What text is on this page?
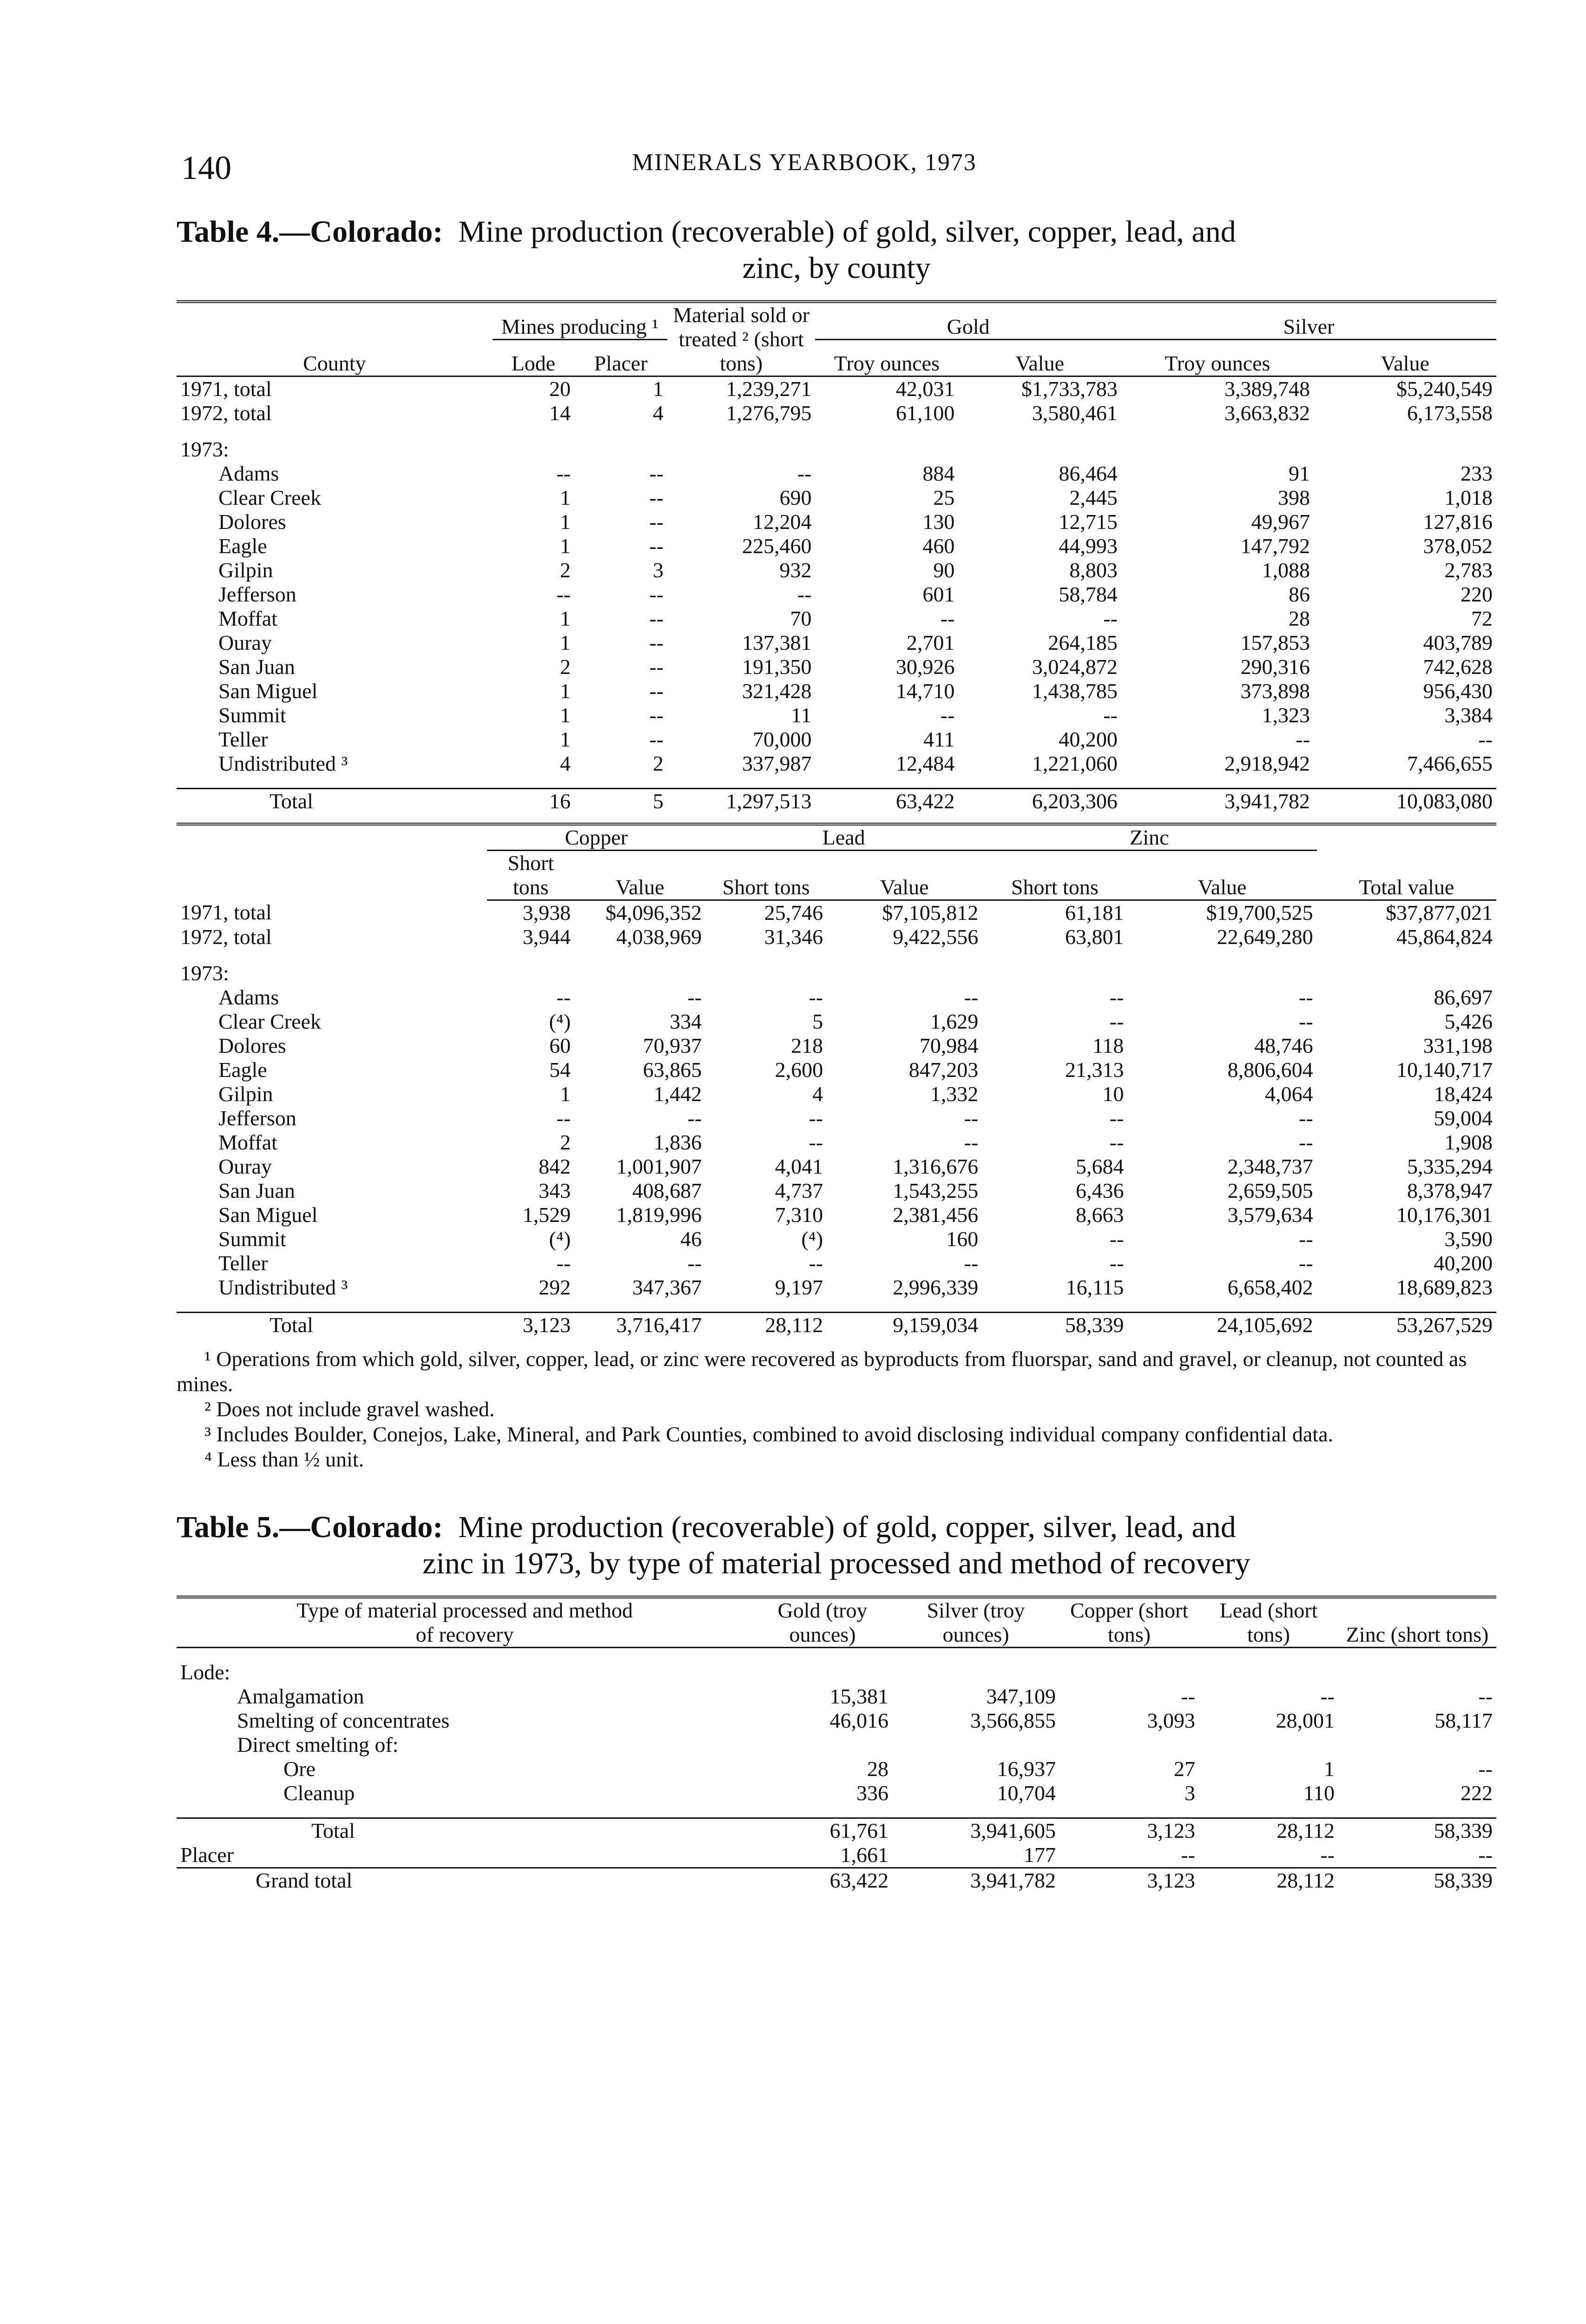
140	MINERALS YEARBOOK, 1973
Table 4.—Colorado: Mine production (recoverable) of gold, silver, copper, lead, and
zinc, by county
County	Mines producing ¹		Material sold or treated ² (short tons)	Gold		Silver	
	Lode	Placer		Troy ounces	Value	Troy ounces	Value
1971, total	20	1	1,239,271	42,031	$1,733,783	3,389,748	$5,240,549
1972, total	14	4	1,276,795	61,100	3,580,461	3,663,832	6,173,558

1973:							
Adams	--	--	--	884	86,464	91	233
Clear Creek	1	--	690	25	2,445	398	1,018
Dolores	1	--	12,204	130	12,715	49,967	127,816
Eagle	1	--	225,460	460	44,993	147,792	378,052
Gilpin	2	3	932	90	8,803	1,088	2,783
Jefferson	--	--	--	601	58,784	86	220
Moffat	1	--	70	--	--	28	72
Ouray	1	--	137,381	2,701	264,185	157,853	403,789
San Juan	2	--	191,350	30,926	3,024,872	290,316	742,628
San Miguel	1	--	321,428	14,710	1,438,785	373,898	956,430
Summit	1	--	11	--	--	1,323	3,384
Teller	1	--	70,000	411	40,200	--	--
Undistributed ³	4	2	337,987	12,484	1,221,060	2,918,942	7,466,655

Total	16	5	1,297,513	63,422	6,203,306	3,941,782	10,083,080
	Copper		Lead		Zinc		Total value
	Short tons	Value	Short tons	Value	Short tons	Value	
1971, total	3,938	$4,096,352	25,746	$7,105,812	61,181	$19,700,525	$37,877,021
1972, total	3,944	4,038,969	31,346	9,422,556	63,801	22,649,280	45,864,824

1973:							
Adams	--	--	--	--	--	--	86,697
Clear Creek	(⁴)	334	5	1,629	--	--	5,426
Dolores	60	70,937	218	70,984	118	48,746	331,198
Eagle	54	63,865	2,600	847,203	21,313	8,806,604	10,140,717
Gilpin	1	1,442	4	1,332	10	4,064	18,424
Jefferson	--	--	--	--	--	--	59,004
Moffat	2	1,836	--	--	--	--	1,908
Ouray	842	1,001,907	4,041	1,316,676	5,684	2,348,737	5,335,294
San Juan	343	408,687	4,737	1,543,255	6,436	2,659,505	8,378,947
San Miguel	1,529	1,819,996	7,310	2,381,456	8,663	3,579,634	10,176,301
Summit	(⁴)	46	(⁴)	160	--	--	3,590
Teller	--	--	--	--	--	--	40,200
Undistributed ³	292	347,367	9,197	2,996,339	16,115	6,658,402	18,689,823

Total	3,123	3,716,417	28,112	9,159,034	58,339	24,105,692	53,267,529

¹ Operations from which gold, silver, copper, lead, or zinc were recovered as byproducts from fluorspar, sand and gravel, or cleanup, not counted as mines.

² Does not include gravel washed.

³ Includes Boulder, Conejos, Lake, Mineral, and Park Counties, combined to avoid disclosing individual company confidential data.

⁴ Less than ½ unit.

Table 5.—Colorado: Mine production (recoverable) of gold, copper, silver, lead, and
zinc in 1973, by type of material processed and method of recovery
Type of material processed and method of recovery	Gold (troy ounces)	Silver (troy ounces)	Copper (short tons)	Lead (short tons)	Zinc (short tons)

Lode:					
Amalgamation	15,381	347,109	--	--	--
Smelting of concentrates	46,016	3,566,855	3,093	28,001	58,117
Direct smelting of:					
Ore	28	16,937	27	1	--
Cleanup	336	10,704	3	110	222

Total	61,761	3,941,605	3,123	28,112	58,339
Placer	1,661	177	--	--	--
Grand total	63,422	3,941,782	3,123	28,112	58,339
